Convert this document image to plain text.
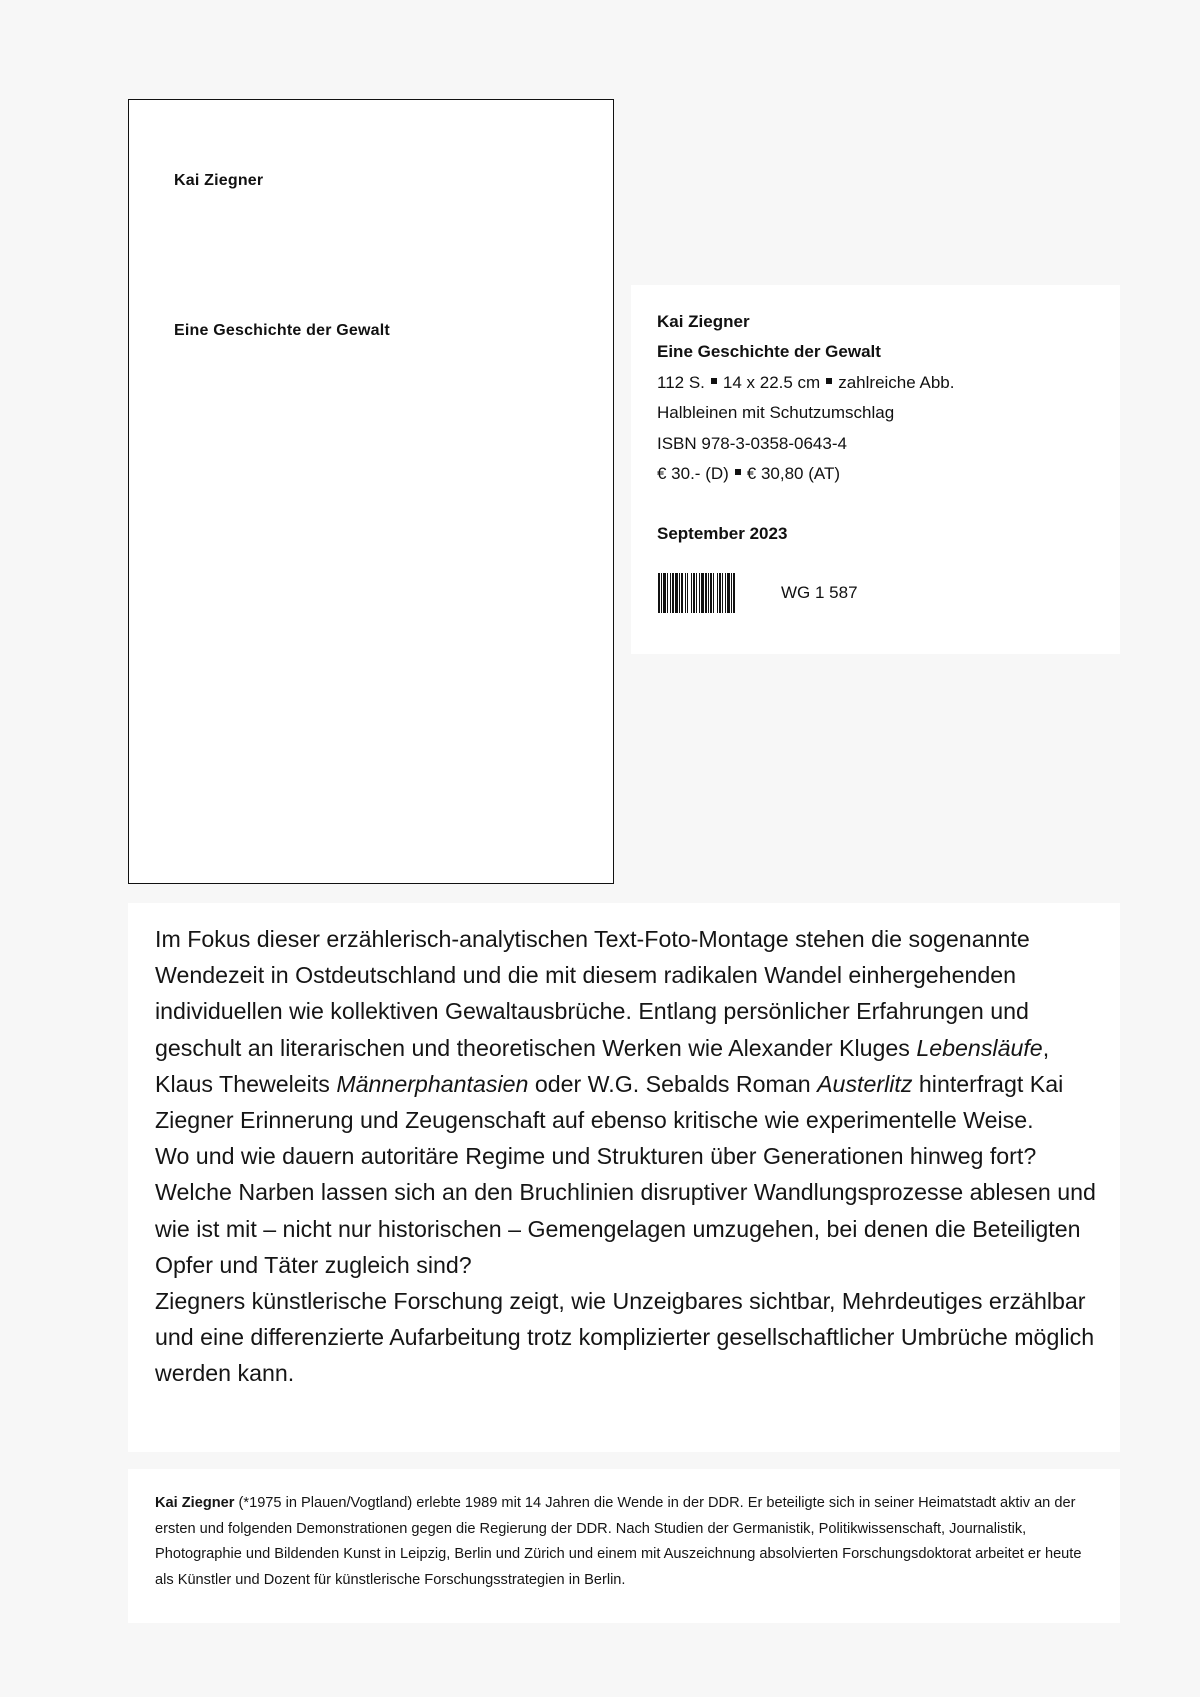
Kai Ziegner
Eine Geschichte der Gewalt	Kai Ziegner
Eine Geschichte der Gewalt
112 S. 14 x 22.5 cm zahlreiche Abb.
Halbleinen mit Schutzumschlag
ISBN 978-3-0358-0643-4
€ 30.- (D) € 30,80 (AT)
September 2023
WG 1 587

Im Fokus dieser erzählerisch-analytischen Text-Foto-Montage stehen die sogenannte Wendezeit in Ostdeutschland und die mit diesem radikalen Wandel einhergehenden individuellen wie kollektiven Gewaltausbrüche. Entlang persönlicher Erfahrungen und geschult an literarischen und theoretischen Werken wie Alexander Kluges Lebensläufe, Klaus Theweleits Männerphantasien oder W.G. Sebalds Roman Austerlitz hinterfragt Kai Ziegner Erinnerung und Zeugenschaft auf ebenso kritische wie experimentelle Weise.

Wo und wie dauern autoritäre Regime und Strukturen über Generationen hinweg fort? Welche Narben lassen sich an den Bruchlinien disruptiver Wandlungsprozesse ablesen und wie ist mit – nicht nur historischen – Gemengelagen umzugehen, bei denen die Beteiligten Opfer und Täter zugleich sind?

Ziegners künstlerische Forschung zeigt, wie Unzeigbares sichtbar, Mehrdeutiges erzählbar und eine differenzierte Aufarbeitung trotz komplizierter gesellschaftlicher Umbrüche möglich werden kann.

Kai Ziegner (*1975 in Plauen/Vogtland) erlebte 1989 mit 14 Jahren die Wende in der DDR. Er beteiligte sich in seiner Heimatstadt aktiv an der ersten und folgenden Demonstrationen gegen die Regierung der DDR. Nach Studien der Germanistik, Politikwissenschaft, Journalistik, Photographie und Bildenden Kunst in Leipzig, Berlin und Zürich und einem mit Auszeichnung absolvierten Forschungsdoktorat arbeitet er heute als Künstler und Dozent für künstlerische Forschungsstrategien in Berlin.
